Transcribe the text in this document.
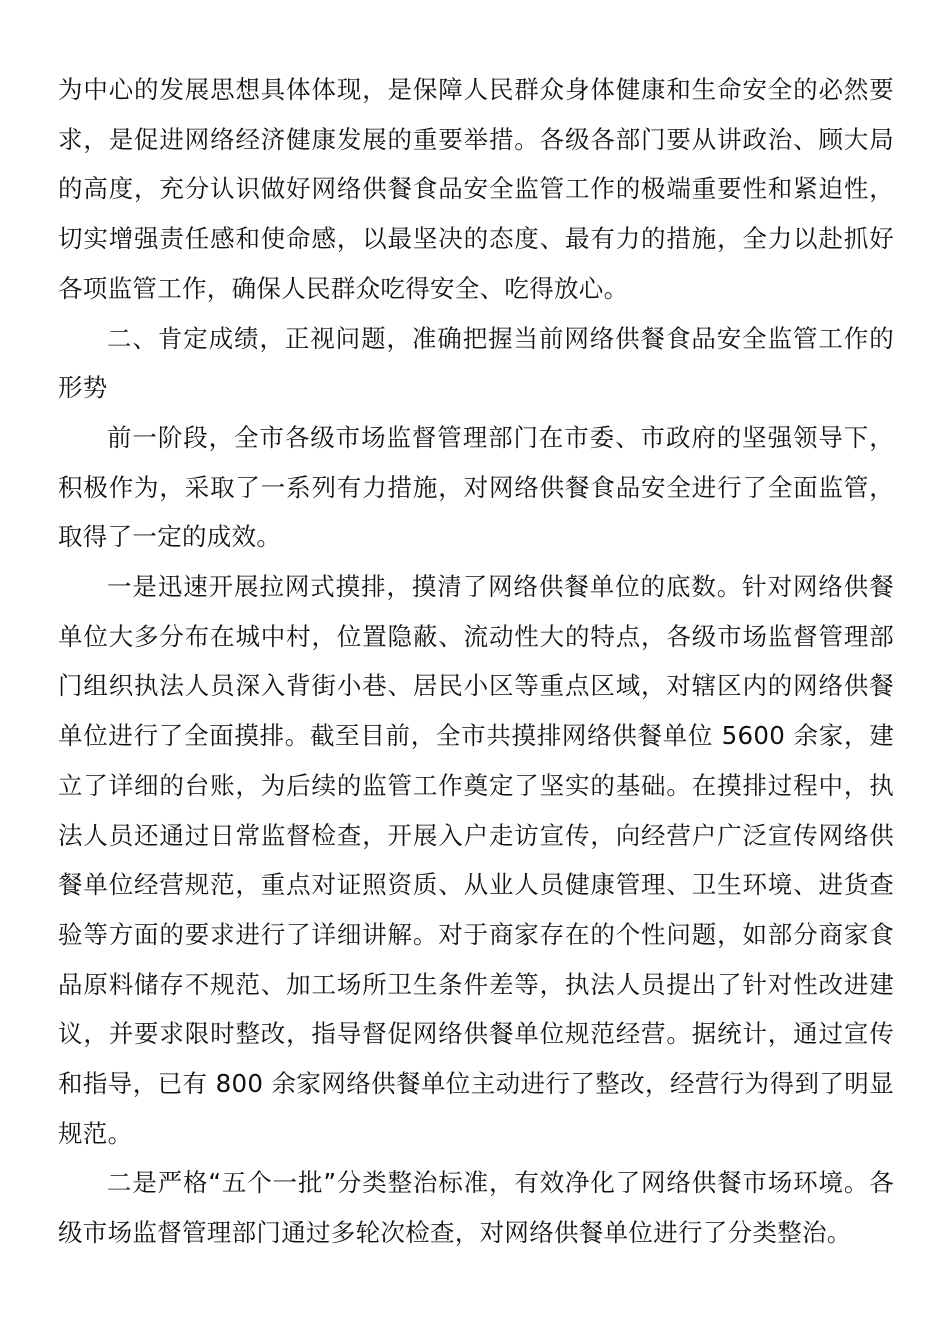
为中心的发展思想具体体现，是保障人民群众身体健康和生命安全的必然要求，是促进网络经济健康发展的重要举措。各级各部门要从讲政治、顾大局的高度，充分认识做好网络供餐食品安全监管工作的极端重要性和紧迫性，切实增强责任感和使命感，以最坚决的态度、最有力的措施，全力以赴抓好各项监管工作，确保人民群众吃得安全、吃得放心。

二、肯定成绩，正视问题，准确把握当前网络供餐食品安全监管工作的形势

前一阶段，全市各级市场监督管理部门在市委、市政府的坚强领导下，积极作为，采取了一系列有力措施，对网络供餐食品安全进行了全面监管，取得了一定的成效。

一是迅速开展拉网式摸排，摸清了网络供餐单位的底数。针对网络供餐单位大多分布在城中村，位置隐蔽、流动性大的特点，各级市场监督管理部门组织执法人员深入背街小巷、居民小区等重点区域，对辖区内的网络供餐单位进行了全面摸排。截至目前，全市共摸排网络供餐单位 5600 余家，建立了详细的台账，为后续的监管工作奠定了坚实的基础。在摸排过程中，执法人员还通过日常监督检查，开展入户走访宣传，向经营户广泛宣传网络供餐单位经营规范，重点对证照资质、从业人员健康管理、卫生环境、进货查验等方面的要求进行了详细讲解。对于商家存在的个性问题，如部分商家食品原料储存不规范、加工场所卫生条件差等，执法人员提出了针对性改进建议，并要求限时整改，指导督促网络供餐单位规范经营。据统计，通过宣传和指导，已有 800 余家网络供餐单位主动进行了整改，经营行为得到了明显规范。

二是严格“五个一批”分类整治标准，有效净化了网络供餐市场环境。各级市场监督管理部门通过多轮次检查，对网络供餐单位进行了分类整治。
